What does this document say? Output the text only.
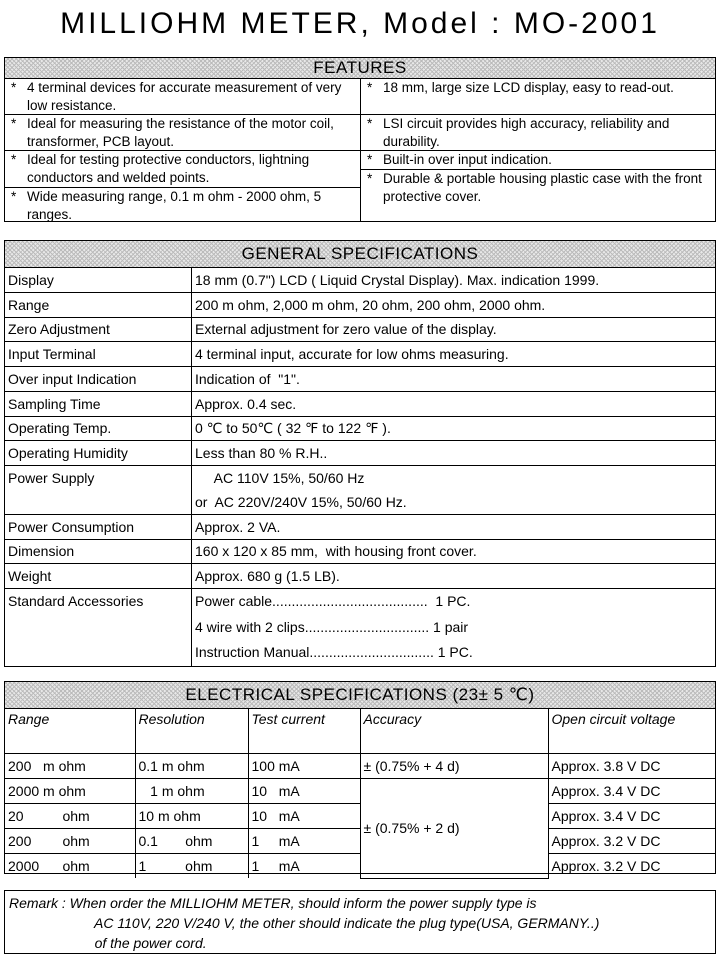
MILLIOHM METER, Model : MO-2001
FEATURES
* 4 terminal devices for accurate measurement of very low resistance.
* Ideal for measuring the resistance of the motor coil, transformer, PCB layout.
* Ideal for testing protective conductors, lightning conductors and welded points.
* Wide measuring range, 0.1 m ohm - 2000 ohm, 5 ranges.
* 18 mm, large size LCD display, easy to read-out.
* LSI circuit provides high accuracy, reliability and durability.
* Built-in over input indication.
* Durable & portable housing plastic case with the front protective cover.
GENERAL SPECIFICATIONS
Display	18 mm (0.7") LCD ( Liquid Crystal Display). Max. indication 1999.
Range	200 m ohm, 2,000 m ohm, 20 ohm, 200 ohm, 2000 ohm.
Zero Adjustment	External adjustment for zero value of the display.
Input Terminal	4 terminal input, accurate for low ohms measuring.
Over input Indication	Indication of  "1".
Sampling Time	Approx. 0.4 sec.
Operating Temp.	0 ℃ to 50℃ ( 32 ℉ to 122 ℉ ).
Operating Humidity	Less than 80 % R.H..
Power Supply	AC 110V 15%, 50/60 Hz
or  AC 220V/240V 15%, 50/60 Hz.
Power Consumption	Approx. 2 VA.
Dimension	160 x 120 x 85 mm,  with housing front cover.
Weight	Approx. 680 g (1.5 LB).
Standard Accessories	Power cable........................................  1 PC.
4 wire with 2 clips................................ 1 pair
Instruction Manual................................ 1 PC.
ELECTRICAL SPECIFICATIONS (23± 5 ℃)
Range	Resolution	Test current	Accuracy	Open circuit voltage
200   m ohm	0.1 m ohm	100 mA	± (0.75% + 4 d)	Approx. 3.8 V DC
2000 m ohm	1 m ohm	10   mA	± (0.75% + 2 d)	Approx. 3.4 V DC
20          ohm	10 m ohm	10   mA		Approx. 3.4 V DC
200        ohm	0.1       ohm	1     mA		Approx. 3.2 V DC
2000      ohm	1          ohm	1     mA		Approx. 3.2 V DC
Remark : When order the MILLIOHM METER, should inform the power supply type is
AC 110V, 220 V/240 V, the other should indicate the plug type(USA, GERMANY..)
of the power cord.
